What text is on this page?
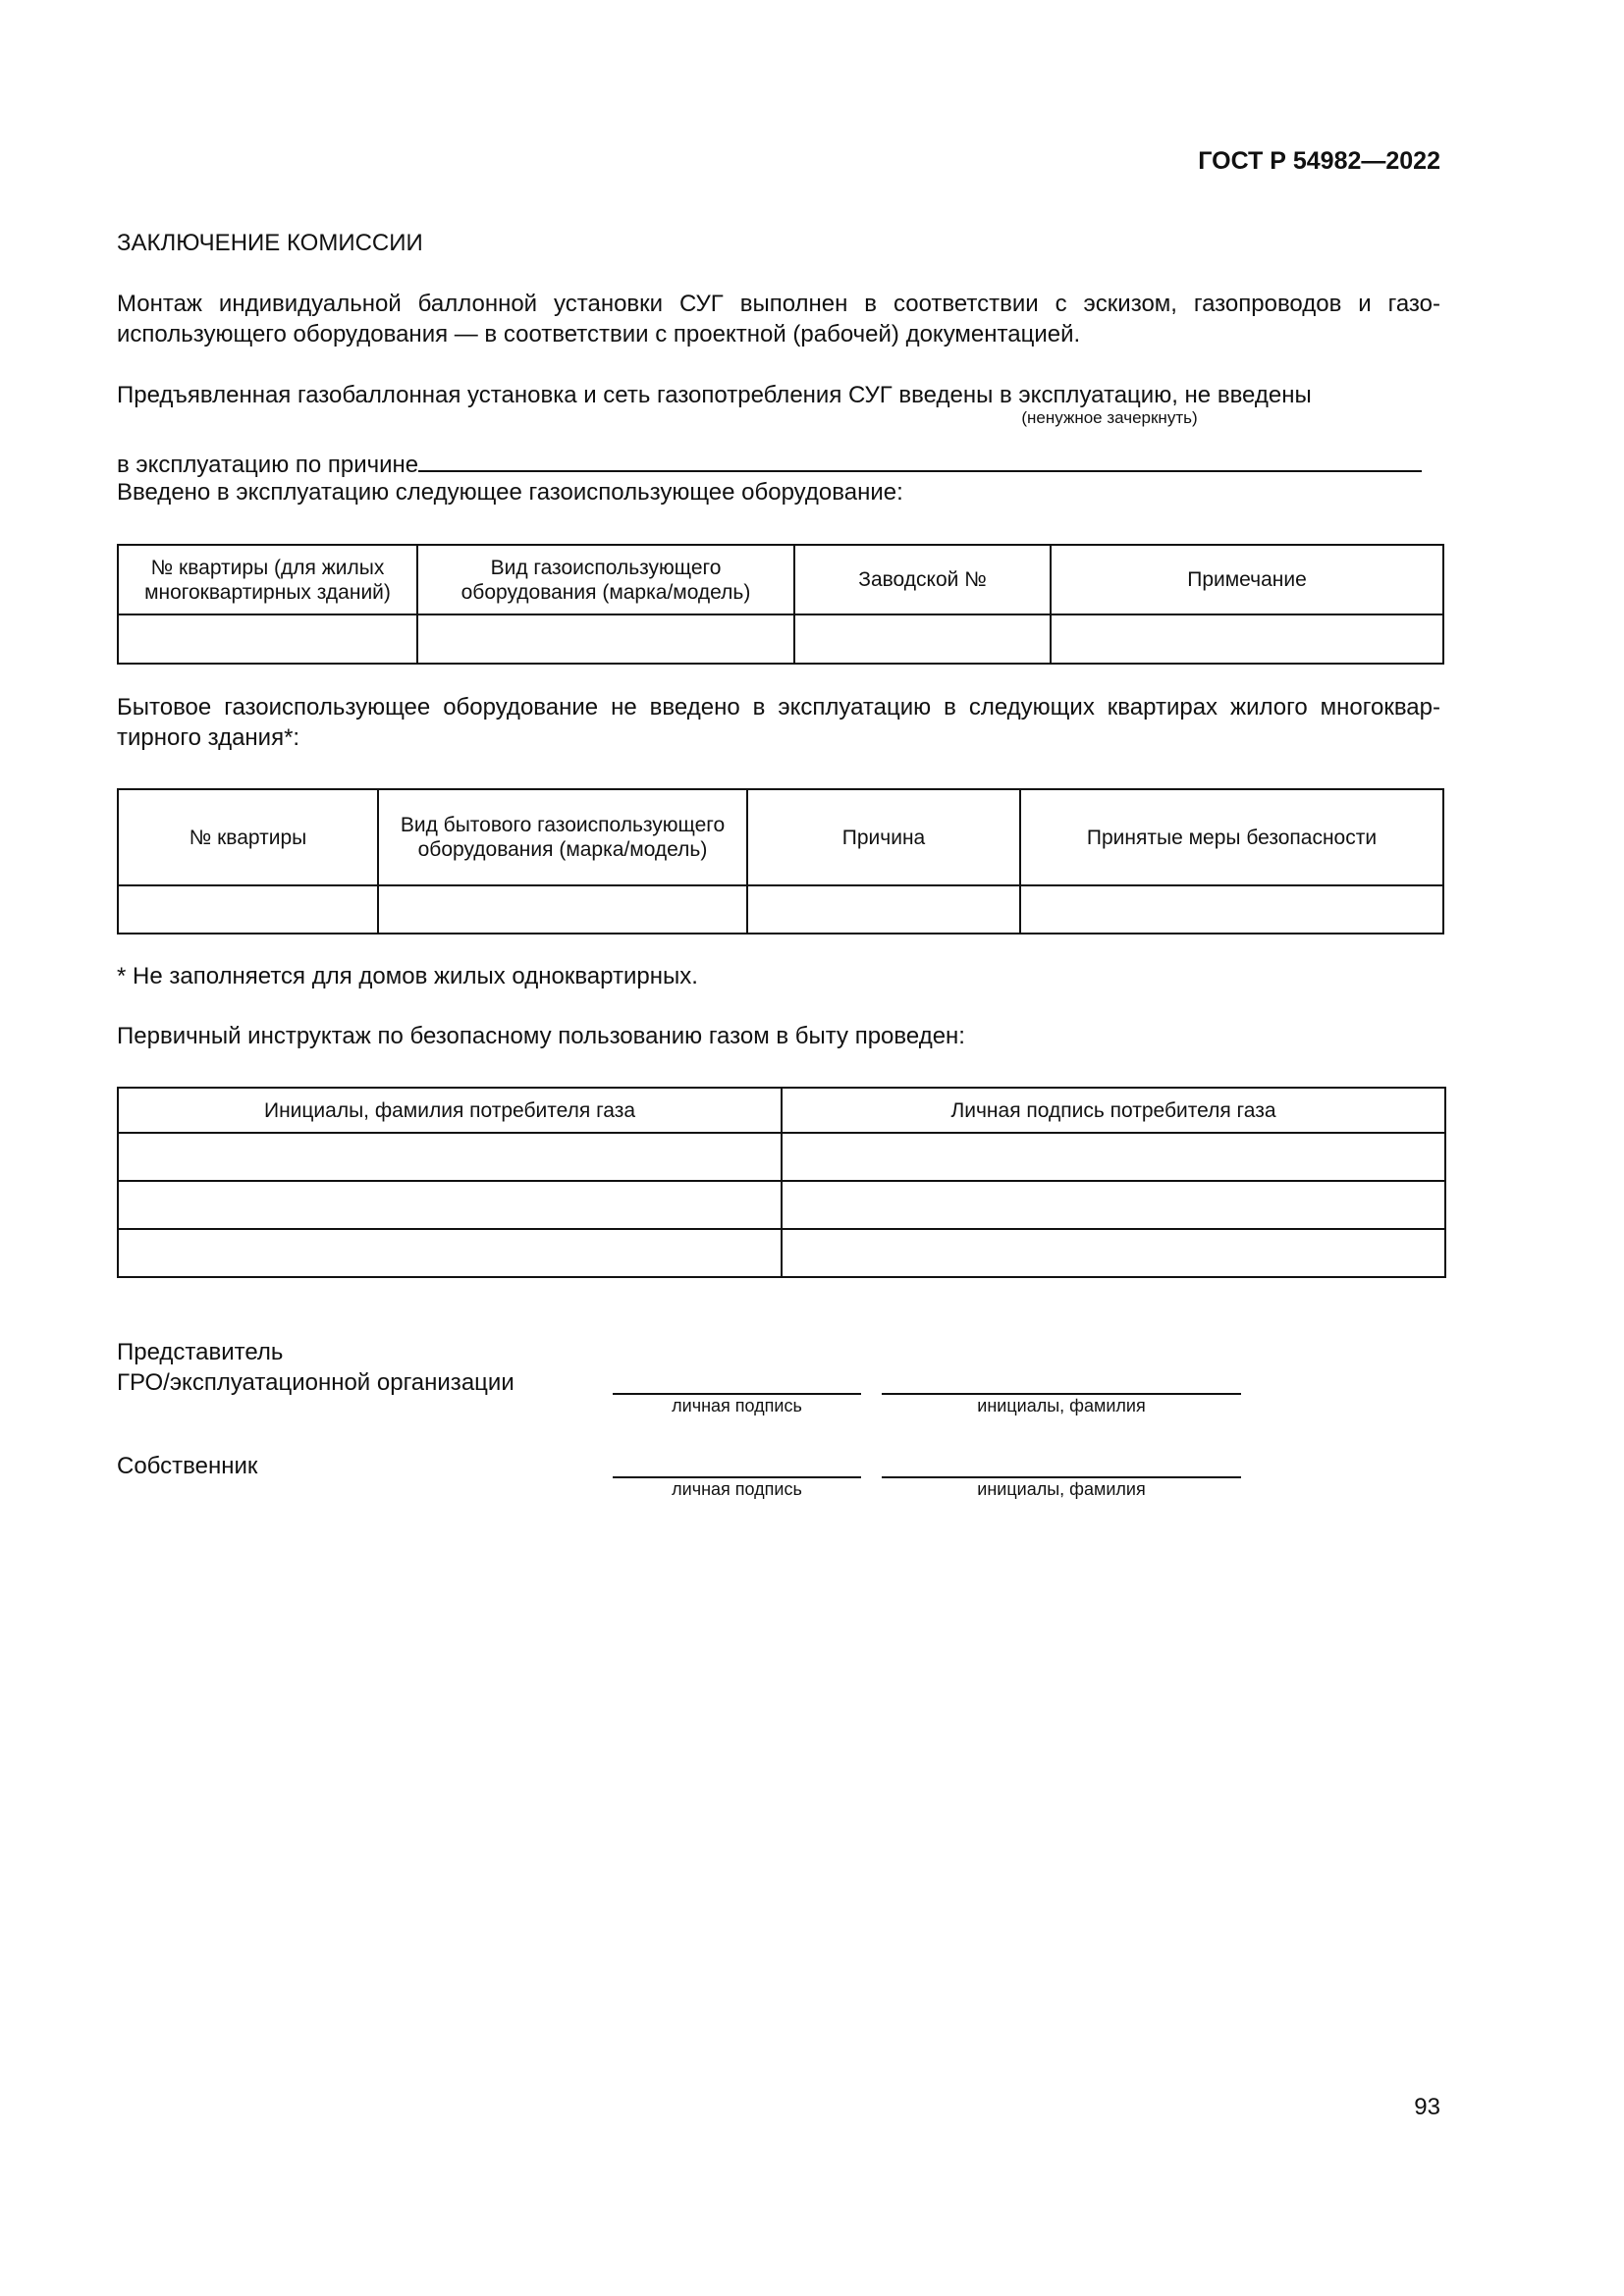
ГОСТ Р 54982—2022
ЗАКЛЮЧЕНИЕ КОМИССИИ
Монтаж индивидуальной баллонной установки СУГ выполнен в соответствии с эскизом, газопроводов и газо-использующего оборудования — в соответствии с проектной (рабочей) документацией.
Предъявленная газобаллонная установка и сеть газопотребления СУГ введены в эксплуатацию, не введены
(ненужное зачеркнуть)
в эксплуатацию по причине
Введено в эксплуатацию следующее газоиспользующее оборудование:
№ квартиры (для жилых многоквартирных зданий)	Вид газоиспользующего оборудования (марка/модель)	Заводской №	Примечание

Бытовое газоиспользующее оборудование не введено в эксплуатацию в следующих квартирах жилого многоквар-тирного здания*:
№ квартиры	Вид бытового газоиспользующего оборудования (марка/модель)	Причина	Принятые меры безопасности

* Не заполняется для домов жилых одноквартирных.
Первичный инструктаж по безопасному пользованию газом в быту проведен:
Инициалы, фамилия потребителя газа	Личная подпись потребителя газа

Представитель
ГРО/эксплуатационной организации
личная подпись	инициалы, фамилия
Собственник
личная подпись	инициалы, фамилия
93
